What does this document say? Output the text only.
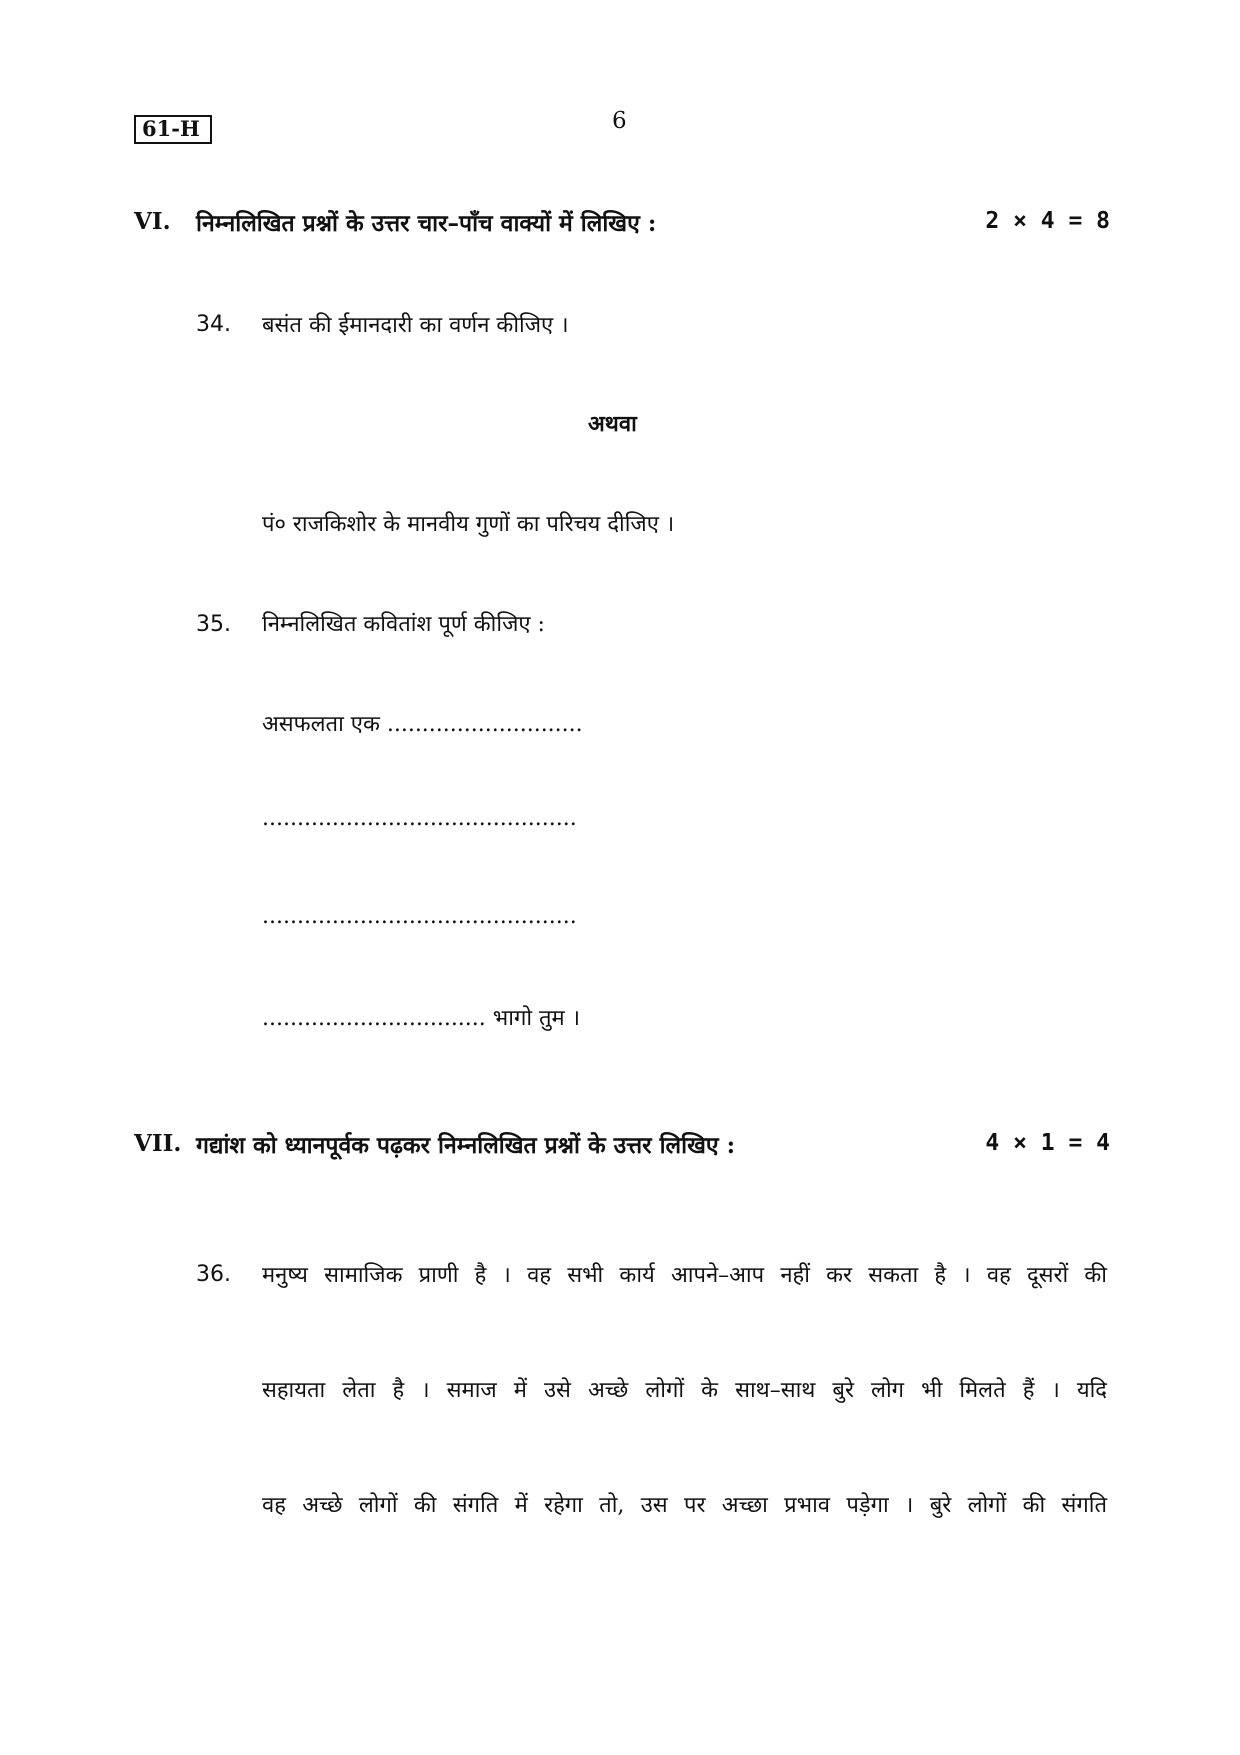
61-H	6
VI. निम्नलिखित प्रश्नों के उत्तर चार–पाँच वाक्यों में लिखिए :	2 × 4 = 8
34. बसंत की ईमानदारी का वर्णन कीजिए ।
अथवा
पं० राजकिशोर के मानवीय गुणों का परिचय दीजिए ।
35. निम्नलिखित कवितांश पूर्ण कीजिए :
असफलता एक ............................
.............................................
.............................................
................................ भागो तुम ।
VII. गद्यांश को ध्यानपूर्वक पढ़कर निम्नलिखित प्रश्नों के उत्तर लिखिए :	4 × 1 = 4
36. मनुष्य सामाजिक प्राणी है । वह सभी कार्य आपने–आप नहीं कर सकता है । वह दूसरों की
सहायता लेता है । समाज में उसे अच्छे लोगों के साथ–साथ बुरे लोग भी मिलते हैं । यदि
वह अच्छे लोगों की संगति में रहेगा तो, उस पर अच्छा प्रभाव पड़ेगा । बुरे लोगों की संगति
